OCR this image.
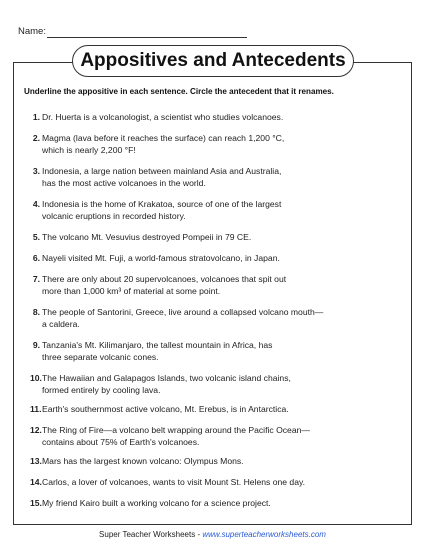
Name:
Appositives and Antecedents
Underline the appositive in each sentence. Circle the antecedent that it renames.
1. Dr. Huerta is a volcanologist, a scientist who studies volcanoes.
2. Magma (lava before it reaches the surface) can reach 1,200 °C,
which is nearly 2,200 °F!
3. Indonesia, a large nation between mainland Asia and Australia,
has the most active volcanoes in the world.
4. Indonesia is the home of Krakatoa, source of one of the largest
volcanic eruptions in recorded history.
5. The volcano Mt. Vesuvius destroyed Pompeii in 79 CE.
6. Nayeli visited Mt. Fuji, a world-famous stratovolcano, in Japan.
7. There are only about 20 supervolcanoes, volcanoes that spit out
more than 1,000 km³ of material at some point.
8. The people of Santorini, Greece, live around a collapsed volcano mouth—
a caldera.
9. Tanzania's Mt. Kilimanjaro, the tallest mountain in Africa, has
three separate volcanic cones.
10. The Hawaiian and Galapagos Islands, two volcanic island chains,
formed entirely by cooling lava.
11. Earth's southernmost active volcano, Mt. Erebus, is in Antarctica.
12. The Ring of Fire—a volcano belt wrapping around the Pacific Ocean—
contains about 75% of Earth's volcanoes.
13. Mars has the largest known volcano: Olympus Mons.
14. Carlos, a lover of volcanoes, wants to visit Mount St. Helens one day.
15. My friend Kairo built a working volcano for a science project.
Super Teacher Worksheets - www.superteacherworksheets.com
